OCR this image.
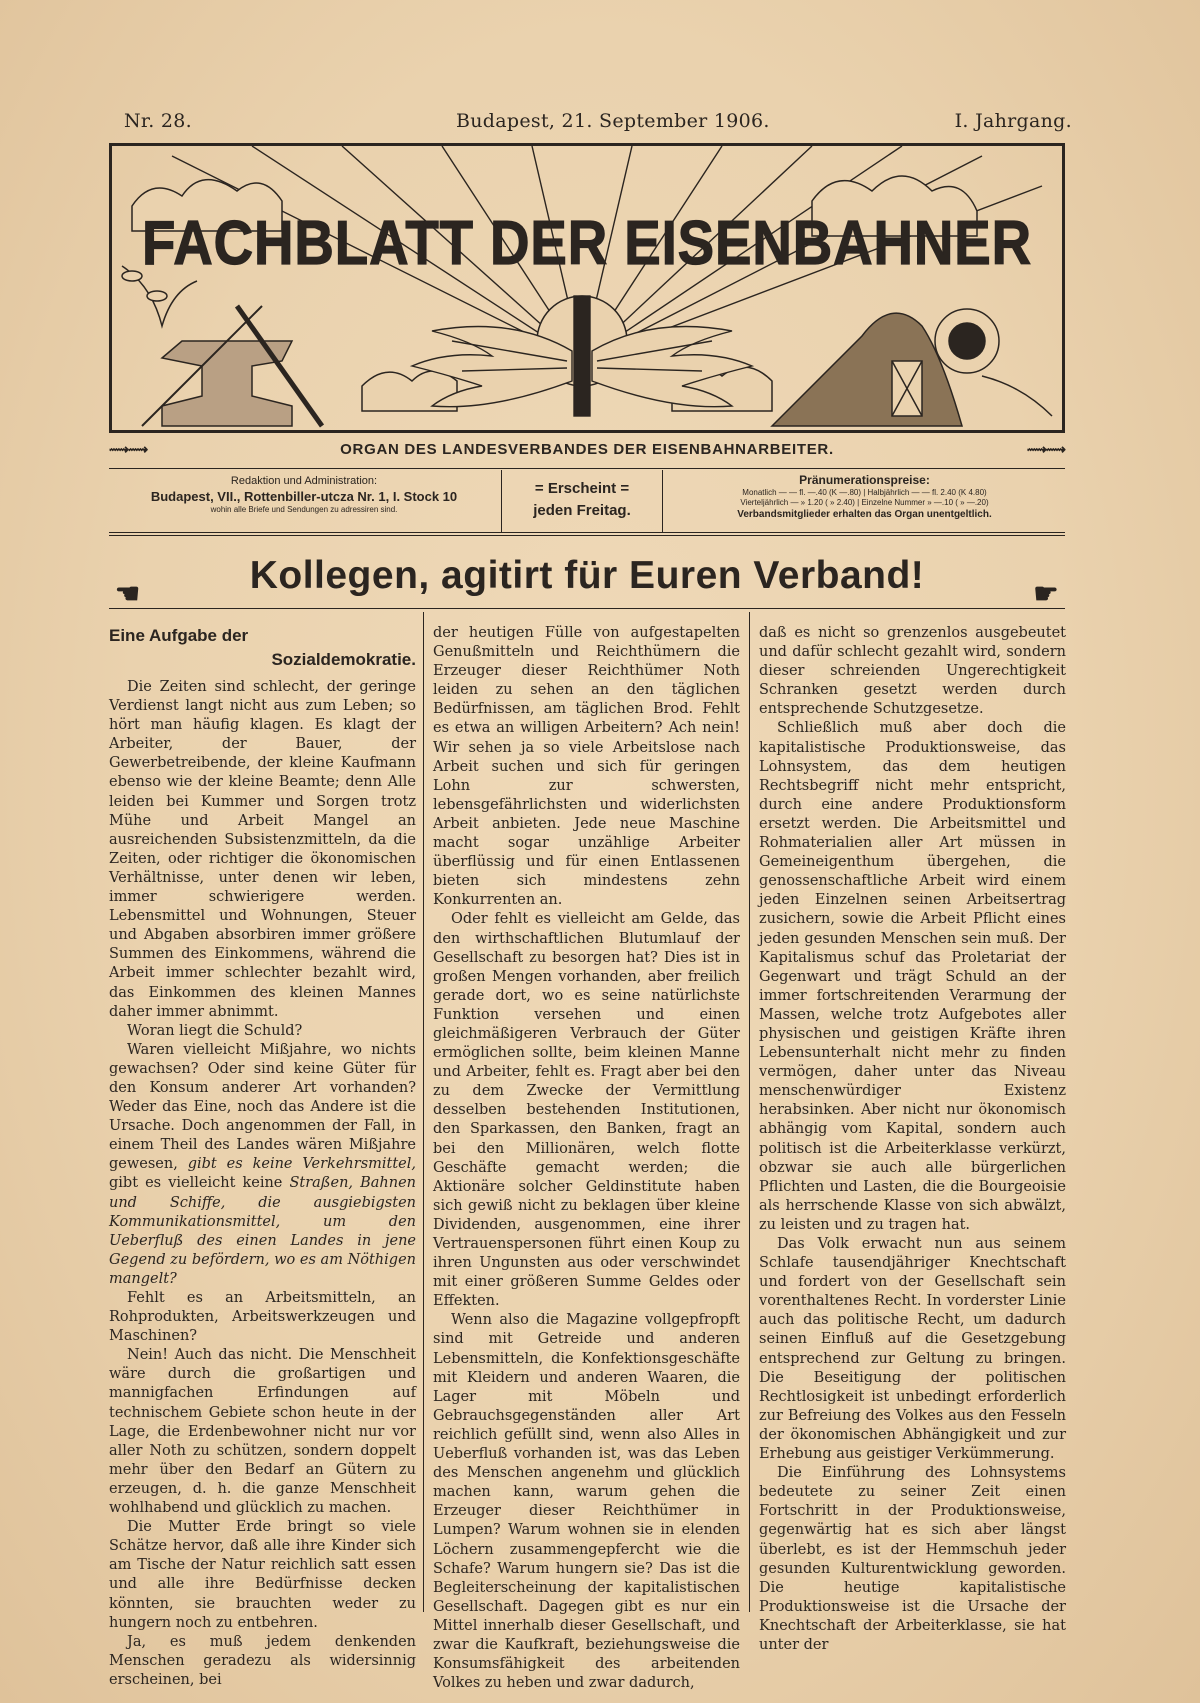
Nr. 28.	Budapest, 21. September 1906.	I. Jahrgang.
FACHBLATT DER EISENBAHNER
⟿⟿	ORGAN DES LANDESVERBANDES DER EISENBAHNARBEITER.	⟿⟿
Redaktion und Administration:
Budapest, VII., Rottenbiller-utcza Nr. 1, I. Stock 10
wohin alle Briefe und Sendungen zu adressiren sind.
= Erscheint =
jeden Freitag.
Pränumerationspreise:
Monatlich — — fl. —.40 (K —.80) | Halbjährlich — — fl. 2.40 (K 4.80)
Vierteljährlich — » 1.20 ( » 2.40) | Einzelne Nummer » —.10 ( » —.20)
Verbandsmitglieder erhalten das Organ unentgeltlich.
☚	Kollegen, agitirt für Euren Verband!	☛
Eine Aufgabe der
Sozialdemokratie.

Die Zeiten sind schlecht, der geringe Verdienst langt nicht aus zum Leben; so hört man häufig klagen. Es klagt der Arbeiter, der Bauer, der Gewerbetreibende, der kleine Kaufmann ebenso wie der kleine Beamte; denn Alle leiden bei Kummer und Sorgen trotz Mühe und Arbeit Mangel an ausreichenden Subsistenzmitteln, da die Zeiten, oder richtiger die ökonomischen Verhältnisse, unter denen wir leben, immer schwierigere werden. Lebensmittel und Wohnungen, Steuer und Abgaben absorbiren immer größere Summen des Einkommens, während die Arbeit immer schlechter bezahlt wird, das Einkommen des kleinen Mannes daher immer abnimmt.

Woran liegt die Schuld?

Waren vielleicht Mißjahre, wo nichts gewachsen? Oder sind keine Güter für den Konsum anderer Art vorhanden? Weder das Eine, noch das Andere ist die Ursache. Doch angenommen der Fall, in einem Theil des Landes wären Mißjahre gewesen, gibt es keine Verkehrsmittel, gibt es vielleicht keine Straßen, Bahnen und Schiffe, die ausgiebigsten Kommunikationsmittel, um den Ueberfluß des einen Landes in jene Gegend zu befördern, wo es am Nöthigen mangelt?

Fehlt es an Arbeitsmitteln, an Rohprodukten, Arbeitswerkzeugen und Maschinen?

Nein! Auch das nicht. Die Menschheit wäre durch die großartigen und mannigfachen Erfindungen auf technischem Gebiete schon heute in der Lage, die Erdenbewohner nicht nur vor aller Noth zu schützen, sondern doppelt mehr über den Bedarf an Gütern zu erzeugen, d. h. die ganze Menschheit wohlhabend und glücklich zu machen.

Die Mutter Erde bringt so viele Schätze hervor, daß alle ihre Kinder sich am Tische der Natur reichlich satt essen und alle ihre Bedürfnisse decken könnten, sie brauchten weder zu hungern noch zu entbehren.

Ja, es muß jedem denkenden Menschen geradezu als widersinnig erscheinen, bei

der heutigen Fülle von aufgestapelten Genußmitteln und Reichthümern die Erzeuger dieser Reichthümer Noth leiden zu sehen an den täglichen Bedürfnissen, am täglichen Brod. Fehlt es etwa an willigen Arbeitern? Ach nein! Wir sehen ja so viele Arbeitslose nach Arbeit suchen und sich für geringen Lohn zur schwersten, lebensgefährlichsten und widerlichsten Arbeit anbieten. Jede neue Maschine macht sogar unzählige Arbeiter überflüssig und für einen Entlassenen bieten sich mindestens zehn Konkurrenten an.

Oder fehlt es vielleicht am Gelde, das den wirthschaftlichen Blutumlauf der Gesellschaft zu besorgen hat? Dies ist in großen Mengen vorhanden, aber freilich gerade dort, wo es seine natürlichste Funktion versehen und einen gleichmäßigeren Verbrauch der Güter ermöglichen sollte, beim kleinen Manne und Arbeiter, fehlt es. Fragt aber bei den zu dem Zwecke der Vermittlung desselben bestehenden Institutionen, den Sparkassen, den Banken, fragt an bei den Millionären, welch flotte Geschäfte gemacht werden; die Aktionäre solcher Geldinstitute haben sich gewiß nicht zu beklagen über kleine Dividenden, ausgenommen, eine ihrer Vertrauenspersonen führt einen Koup zu ihren Ungunsten aus oder verschwindet mit einer größeren Summe Geldes oder Effekten.

Wenn also die Magazine vollgepfropft sind mit Getreide und anderen Lebensmitteln, die Konfektionsgeschäfte mit Kleidern und anderen Waaren, die Lager mit Möbeln und Gebrauchsgegenständen aller Art reichlich gefüllt sind, wenn also Alles in Ueberfluß vorhanden ist, was das Leben des Menschen angenehm und glücklich machen kann, warum gehen die Erzeuger dieser Reichthümer in Lumpen? Warum wohnen sie in elenden Löchern zusammengepfercht wie die Schafe? Warum hungern sie? Das ist die Begleiterscheinung der kapitalistischen Gesellschaft. Dagegen gibt es nur ein Mittel innerhalb dieser Gesellschaft, und zwar die Kaufkraft, beziehungsweise die Konsumsfähigkeit des arbeitenden Volkes zu heben und zwar dadurch,

daß es nicht so grenzenlos ausgebeutet und dafür schlecht gezahlt wird, sondern dieser schreienden Ungerechtigkeit Schranken gesetzt werden durch entsprechende Schutzgesetze.

Schließlich muß aber doch die kapitalistische Produktionsweise, das Lohnsystem, das dem heutigen Rechtsbegriff nicht mehr entspricht, durch eine andere Produktionsform ersetzt werden. Die Arbeitsmittel und Rohmaterialien aller Art müssen in Gemeineigenthum übergehen, die genossenschaftliche Arbeit wird einem jeden Einzelnen seinen Arbeitsertrag zusichern, sowie die Arbeit Pflicht eines jeden gesunden Menschen sein muß. Der Kapitalismus schuf das Proletariat der Gegenwart und trägt Schuld an der immer fortschreitenden Verarmung der Massen, welche trotz Aufgebotes aller physischen und geistigen Kräfte ihren Lebensunterhalt nicht mehr zu finden vermögen, daher unter das Niveau menschenwürdiger Existenz herabsinken. Aber nicht nur ökonomisch abhängig vom Kapital, sondern auch politisch ist die Arbeiterklasse verkürzt, obzwar sie auch alle bürgerlichen Pflichten und Lasten, die die Bourgeoisie als herrschende Klasse von sich abwälzt, zu leisten und zu tragen hat.

Das Volk erwacht nun aus seinem Schlafe tausendjähriger Knechtschaft und fordert von der Gesellschaft sein vorenthaltenes Recht. In vorderster Linie auch das politische Recht, um dadurch seinen Einfluß auf die Gesetzgebung entsprechend zur Geltung zu bringen. Die Beseitigung der politischen Rechtlosigkeit ist unbedingt erforderlich zur Befreiung des Volkes aus den Fesseln der ökonomischen Abhängigkeit und zur Erhebung aus geistiger Verkümmerung.

Die Einführung des Lohnsystems bedeutete zu seiner Zeit einen Fortschritt in der Produktionsweise, gegenwärtig hat es sich aber längst überlebt, es ist der Hemmschuh jeder gesunden Kulturentwicklung geworden. Die heutige kapitalistische Produktionsweise ist die Ursache der Knechtschaft der Arbeiterklasse, sie hat unter der
